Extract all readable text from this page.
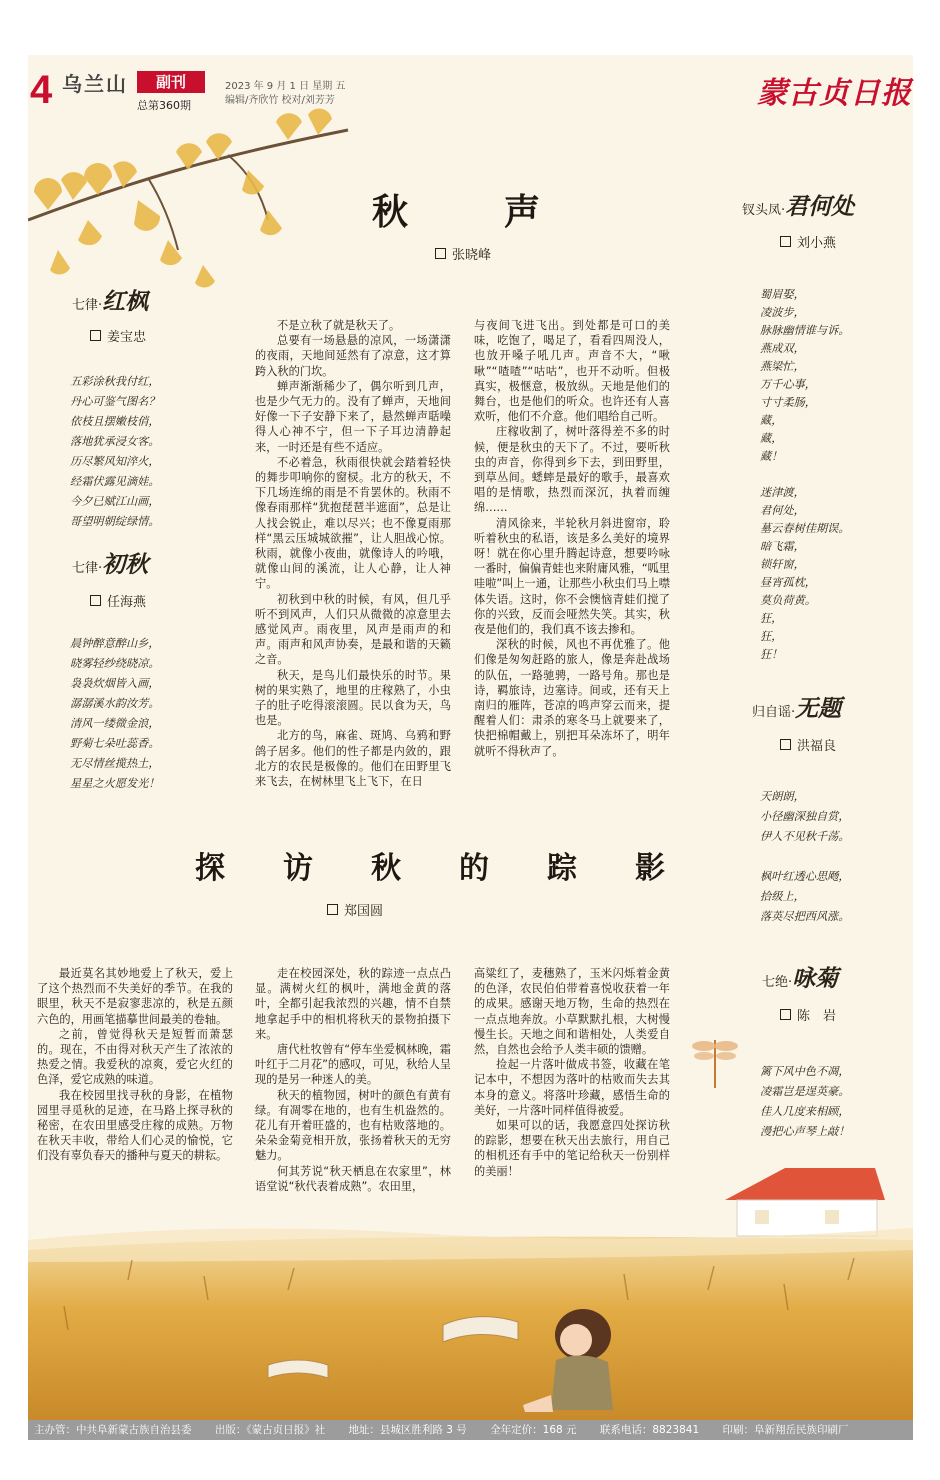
4 乌兰山	副刊
总第360期
2023 年 9 月 1 日 星期 五
编辑/齐欣竹 校对/刘芳芳	蒙古贞日报
秋　声
张晓峰

不是立秋了就是秋天了。

总要有一场悬悬的凉风，一场潇潇的夜雨，天地间延然有了凉意，这才算跨入秋的门坎。

蝉声渐渐稀少了，偶尔听到几声，也是少气无力的。没有了蝉声，天地间好像一下子安静下来了，悬然蝉声聒噪得人心神不宁，但一下子耳边清静起来，一时还是有些不适应。

不必着急，秋雨很快就会踏着轻快的舞步叩响你的窗棂。北方的秋天，不下几场连绵的雨是不肯罢休的。秋雨不像春雨那样“犹抱琵琶半遮面”，总是让人找会锐止，难以尽兴；也不像夏雨那样“黑云压城城欲摧”，让人胆战心惊。秋雨，就像小夜曲，就像诗人的吟哦，就像山间的溪流，让人心静，让人神宁。

初秋到中秋的时候，有风，但几乎听不到风声，人们只从微微的凉意里去感觉风声。雨夜里，风声是雨声的和声。雨声和风声协奏，是最和谐的天籁之音。

秋天，是鸟儿们最快乐的时节。果树的果实熟了，地里的庄稼熟了，小虫子的肚子吃得滚滚圆。民以食为天，鸟也是。

北方的鸟，麻雀、斑鸠、乌鸦和野鸽子居多。他们的性子都是内敛的，跟北方的农民是极像的。他们在田野里飞来飞去，在树林里飞上飞下，在日

与夜间飞进飞出。到处都是可口的美味，吃饱了，喝足了，看看四周没人，也放开嗓子吼几声。声音不大，“啾啾”“喳喳”“咕咕”，也开不动听。但极真实，极惬意，极放纵。天地是他们的舞台，也是他们的听众。也许还有人喜欢听，他们不介意。他们唱给自己听。

庄稼收割了，树叶落得差不多的时候，便是秋虫的天下了。不过，要听秋虫的声音，你得到乡下去，到田野里，到草丛间。蟋蟀是最好的歌手，最喜欢唱的是情歌，热烈而深沉，执着而缠绵……

清风徐来，半轮秋月斜进窗帘，聆听着秋虫的私语，该是多么美好的境界呀！就在你心里升腾起诗意，想要吟咏一番时，偏偏青蛙也来附庸风雅，“呱里哇啦”叫上一通，让那些小秋虫们马上噤体失语。这时，你不会懊恼青蛙们搅了你的兴致，反而会哑然失笑。其实，秋夜是他们的，我们真不该去掺和。

深秋的时候，风也不再优雅了。他们像是匆匆赶路的旅人，像是奔赴战场的队伍，一路驰骋，一路号角。那也是诗，羁旅诗，边塞诗。间或，还有天上南归的雁阵，苍凉的鸣声穿云而来，提醒着人们：肃杀的寒冬马上就要来了，快把棉帽戴上，别把耳朵冻坏了，明年就听不得秋声了。

七律·红枫
姜宝忠
五彩涂秋我付红，
丹心可鉴气图名？
依枝且摆嫩枝俏，
落地犹承浸女客。
历尽繁风知淬火，
经霜伏露见滴娃。
今夕已赋江山画，
哥望明朝绽绿情。
七律·初秋
任海燕
晨钟醉意醉山乡，
晓雾轻纱绕晓凉。
袅袅炊烟皆入画，
潺潺溪水韵汝芳。
清风一缕微金浪，
野菊七朵吐蕊香。
无尽情丝揽热土，
星星之火愿发光！
钗头凤·君何处
刘小燕
蜀眉娶，
凌波步，
脉脉幽情谁与诉。
燕成双，
燕梁忙，
万千心事，
寸寸柔肠，
藏，
藏，
藏！

迷津渡，
君何处，
墓云春树佳期误。
暗飞霜，
锁轩窗，
昼宵孤枕，
莫负荷黄。
狂，
狂，
狂！
归自谣·无题
洪福良
天朗朗，
小径幽深独自赏，
伊人不见秋千荡。

枫叶红透心思飏，
拾级上，
落英尽把西风涨。
七绝·咏菊
陈　岩
篱下风中色不凋，
凌霜岂是逞英豪。
佳人几度来相顾，
漫把心声琴上敲！
探　访　秋　的　踪　影
郑国圆

最近莫名其妙地爱上了秋天，爱上了这个热烈而不失美好的季节。在我的眼里，秋天不是寂寥悲凉的，秋是五颜六色的，用画笔描摹世间最美的卷轴。

之前，曾觉得秋天是短暂而萧瑟的。现在，不由得对秋天产生了浓浓的热爱之情。我爱秋的凉爽，爱它火红的色泽，爱它成熟的味道。

我在校园里找寻秋的身影，在植物园里寻觅秋的足迹，在马路上探寻秋的秘密，在农田里感受庄稼的成熟。万物在秋天丰收，带给人们心灵的愉悦，它们没有辜负春天的播种与夏天的耕耘。

走在校园深处，秋的踪迹一点点凸显。满树火红的枫叶，满地金黄的落叶，全都引起我浓烈的兴趣，情不自禁地拿起手中的相机将秋天的景物拍摄下来。

唐代杜牧曾有“停车坐爱枫林晚，霜叶红于二月花”的感叹，可见，秋给人呈现的是另一种迷人的美。

秋天的植物园，树叶的颜色有黄有绿。有凋零在地的，也有生机盎然的。花儿有开着旺盛的，也有枯败落地的。朵朵金菊竞相开放，张扬着秋天的无穷魅力。

何其芳说“秋天栖息在农家里”，林语堂说“秋代表着成熟”。农田里，

高粱红了，麦穗熟了，玉米闪烁着金黄的色泽，农民伯伯带着喜悦收获着一年的成果。感谢天地万物，生命的热烈在一点点地奔放。小草默默扎根，大树慢慢生长。天地之间和谐相处，人类爱自然，自然也会给予人类丰硕的馈赠。

捡起一片落叶做成书签，收藏在笔记本中，不想因为落叶的枯败而失去其本身的意义。将落叶珍藏，感悟生命的美好，一片落叶同样值得被爱。

如果可以的话，我愿意四处探访秋的踪影，想要在秋天出去旅行，用自己的相机还有手中的笔记给秋天一份别样的美丽！

主办管：中共阜新蒙古族自治县委 出版：《蒙古贞日报》社 地址：县城区胜利路 3 号 全年定价：168 元 联系电话：8823841 印刷：阜新翔岳民族印刷厂
